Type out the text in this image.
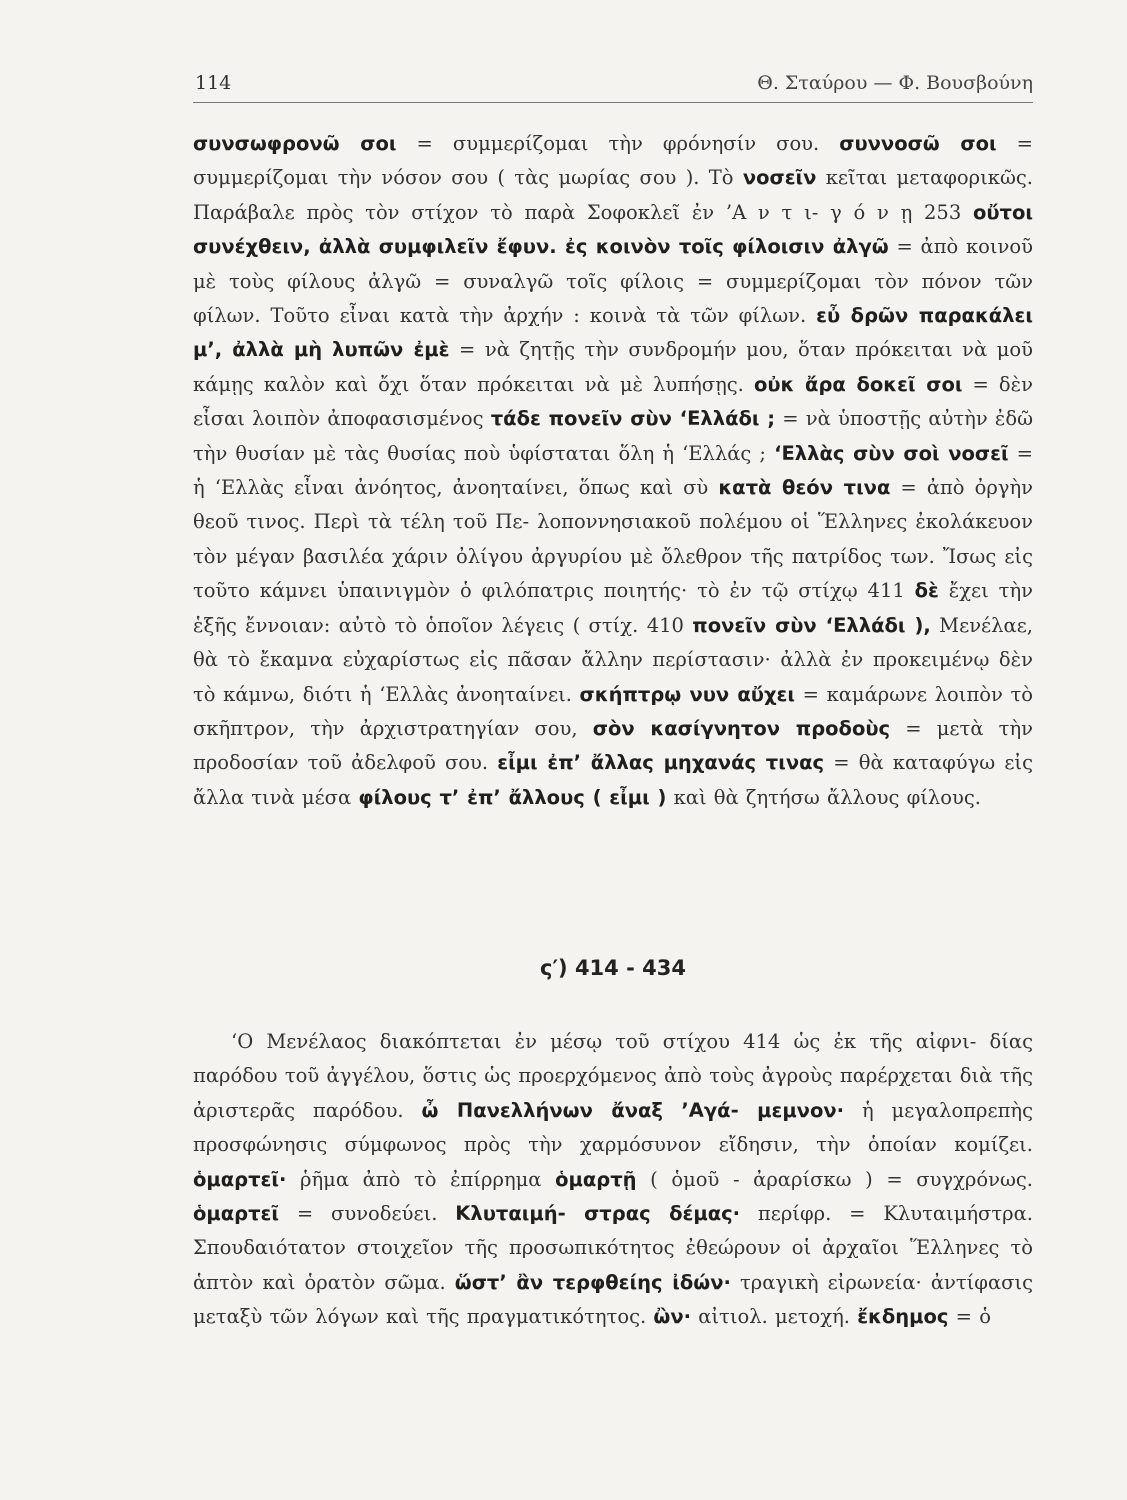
114	Θ. Σταύρου — Φ. Βουσβούνη

συνσωφρονῶ σοι = συμμερίζομαι τὴν φρόνησίν σου. συννοσῶ σοι = συμμερίζομαι τὴν νόσον σου ( τὰς μωρίας σου ). Τὸ νοσεῖν κεῖται μεταφορικῶς. Παράβαλε πρὸς τὸν στίχον τὸ παρὰ Σοφοκλεῖ ἐν ’Α ν τ ι- γ ό ν ῃ 253 οὔτοι συνέχθειν, ἀλλὰ συμφιλεῖν ἔφυν. ἐς κοινὸν τοῖς φίλοισιν ἀλγῶ = ἀπὸ κοινοῦ μὲ τοὺς φίλους ἀλγῶ = συναλγῶ τοῖς φίλοις = συμμερίζομαι τὸν πόνον τῶν φίλων. Τοῦτο εἶναι κατὰ τὴν ἀρχήν : κοινὰ τὰ τῶν φίλων. εὖ δρῶν παρακάλει μ’, ἀλλὰ μὴ λυπῶν ἐμὲ = νὰ ζητῇς τὴν συνδρομήν μου, ὅταν πρόκειται νὰ μοῦ κάμῃς καλὸν καὶ ὄχι ὅταν πρόκειται νὰ μὲ λυπήσῃς. οὐκ ἄρα δοκεῖ σοι = δὲν εἶσαι λοιπὸν ἀποφασισμένος τάδε πονεῖν σὺν ‘Ελλάδι ; = νὰ ὑποστῇς αὐτὴν ἐδῶ τὴν θυσίαν μὲ τὰς θυσίας ποὺ ὑφίσταται ὅλη ἡ ‘Ελλάς ; ‘Ελλὰς σὺν σοὶ νοσεῖ = ἡ ‘Ελλὰς εἶναι ἀνόητος, ἀνοηταίνει, ὅπως καὶ σὺ κατὰ θεόν τινα = ἀπὸ ὀργὴν θεοῦ τινος. Περὶ τὰ τέλη τοῦ Πε- λοποννησιακοῦ πολέμου οἱ Ἕλληνες ἐκολάκευον τὸν μέγαν βασιλέα χάριν ὀλίγου ἀργυρίου μὲ ὄλεθρον τῆς πατρίδος των. Ἴσως εἰς τοῦτο κάμνει ὑπαινιγμὸν ὁ φιλόπατρις ποιητής· τὸ ἐν τῷ στίχῳ 411 δὲ ἔχει τὴν ἑξῆς ἔννοιαν: αὐτὸ τὸ ὁποῖον λέγεις ( στίχ. 410 πονεῖν σὺν ‘Ελλάδι ), Μενέλαε, θὰ τὸ ἔκαμνα εὐχαρίστως εἰς πᾶσαν ἄλλην περίστασιν· ἀλλὰ ἐν προκειμένῳ δὲν τὸ κάμνω, διότι ἡ ‘Ελλὰς ἀνοηταίνει. σκήπτρῳ νυν αὔχει = καμάρωνε λοιπὸν τὸ σκῆπτρον, τὴν ἀρχιστρατηγίαν σου, σὸν κασίγνητον προδοὺς = μετὰ τὴν προδοσίαν τοῦ ἀδελφοῦ σου. εἶμι ἐπ’ ἄλλας μηχανάς τινας = θὰ καταφύγω εἰς ἄλλα τινὰ μέσα φίλους τ’ ἐπ’ ἄλλους ( εἶμι ) καὶ θὰ ζητήσω ἄλλους φίλους.

ς′) 414 - 434

‘Ο Μενέλαος διακόπτεται ἐν μέσῳ τοῦ στίχου 414 ὡς ἐκ τῆς αἰφνι- δίας παρόδου τοῦ ἀγγέλου, ὅστις ὡς προερχόμενος ἀπὸ τοὺς ἀγροὺς παρέρχεται διὰ τῆς ἀριστερᾶς παρόδου. ὦ Πανελλήνων ἄναξ ’Αγά- μεμνον· ἡ μεγαλοπρεπὴς προσφώνησις σύμφωνος πρὸς τὴν χαρμόσυνον εἴδησιν, τὴν ὁποίαν κομίζει. ὁμαρτεῖ· ῥῆμα ἀπὸ τὸ ἐπίρρημα ὁμαρτῇ ( ὁμοῦ - ἀραρίσκω ) = συγχρόνως. ὁμαρτεῖ = συνοδεύει. Κλυταιμή- στρας δέμας· περίφρ. = Κλυταιμήστρα. Σπουδαιότατον στοιχεῖον τῆς προσωπικότητος ἐθεώρουν οἱ ἀρχαῖοι Ἕλληνες τὸ ἁπτὸν καὶ ὁρατὸν σῶμα. ὥστ’ ἂν τερφθείης ἰδών· τραγικὴ εἰρωνεία· ἀντίφασις μεταξὺ τῶν λόγων καὶ τῆς πραγματικότητος. ὢν· αἰτιολ. μετοχή. ἔκδημος = ὁ
